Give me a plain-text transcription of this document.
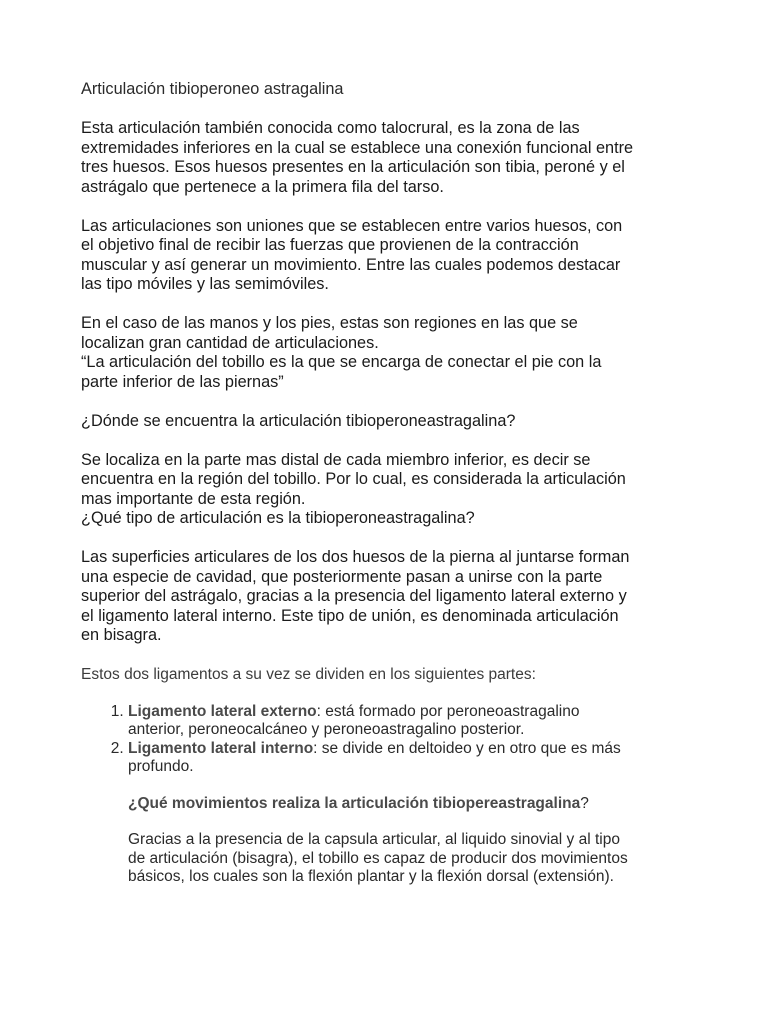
Articulación tibioperoneo astragalina

Esta articulación también conocida como talocrural, es la zona de las
extremidades inferiores en la cual se establece una conexión funcional entre
tres huesos. Esos huesos presentes en la articulación son tibia, peroné y el
astrágalo que pertenece a la primera fila del tarso.

Las articulaciones son uniones que se establecen entre varios huesos, con
el objetivo final de recibir las fuerzas que provienen de la contracción
muscular y así generar un movimiento. Entre las cuales podemos destacar
las tipo móviles y las semimóviles.

En el caso de las manos y los pies, estas son regiones en las que se
localizan gran cantidad de articulaciones.
“La articulación del tobillo es la que se encarga de conectar el pie con la
parte inferior de las piernas”

¿Dónde se encuentra la articulación tibioperoneastragalina?

Se localiza en la parte mas distal de cada miembro inferior, es decir se
encuentra en la región del tobillo. Por lo cual, es considerada la articulación
mas importante de esta región.
¿Qué tipo de articulación es la tibioperoneastragalina?

Las superficies articulares de los dos huesos de la pierna al juntarse forman
una especie de cavidad, que posteriormente pasan a unirse con la parte
superior del astrágalo, gracias a la presencia del ligamento lateral externo y
el ligamento lateral interno. Este tipo de unión, es denominada articulación
en bisagra.

Estos dos ligamentos a su vez se dividen en los siguientes partes:

1. Ligamento lateral externo: está formado por peroneoastragalino
anterior, peroneocalcáneo y peroneoastragalino posterior.
2. Ligamento lateral interno: se divide en deltoideo y en otro que es más
profundo.
¿Qué movimientos realiza la articulación tibiopereastragalina?
Gracias a la presencia de la capsula articular, al liquido sinovial y al tipo
de articulación (bisagra), el tobillo es capaz de producir dos movimientos
básicos, los cuales son la flexión plantar y la flexión dorsal (extensión).
